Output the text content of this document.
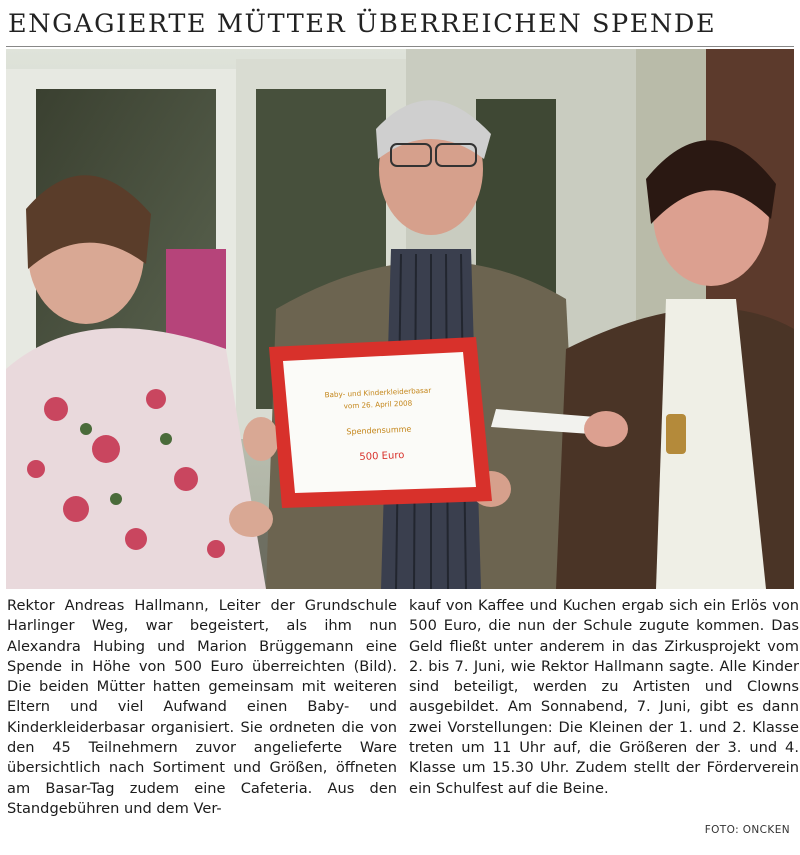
ENGAGIERTE MÜTTER ÜBERREICHEN SPENDE
Baby- und Kinderkleiderbasar
vom 26. April 2008
Spendensumme
500 Euro

Rektor Andreas Hallmann, Leiter der Grundschule Harlinger Weg, war begeistert, als ihm nun Alexandra Hubing und Marion Brüggemann eine Spende in Höhe von 500 Euro überreichten (Bild). Die beiden Mütter hatten gemeinsam mit weiteren Eltern und viel Aufwand einen Baby- und Kinderkleiderbasar organisiert. Sie ordneten die von den 45 Teilnehmern zuvor angelieferte Ware übersichtlich nach Sortiment und Größen, öffneten am Basar-Tag zudem eine Cafeteria. Aus den Standgebühren und dem Ver-

kauf von Kaffee und Kuchen ergab sich ein Erlös von 500 Euro, die nun der Schule zugute kommen. Das Geld fließt unter anderem in das Zirkusprojekt vom 2. bis 7. Juni, wie Rektor Hallmann sagte. Alle Kinder sind beteiligt, werden zu Artisten und Clowns ausgebildet. Am Sonnabend, 7. Juni, gibt es dann zwei Vorstellungen: Die Kleinen der 1. und 2. Klasse treten um 11 Uhr auf, die Größeren der 3. und 4. Klasse um 15.30 Uhr. Zudem stellt der Förderverein ein Schulfest auf die Beine.

FOTO: ONCKEN
